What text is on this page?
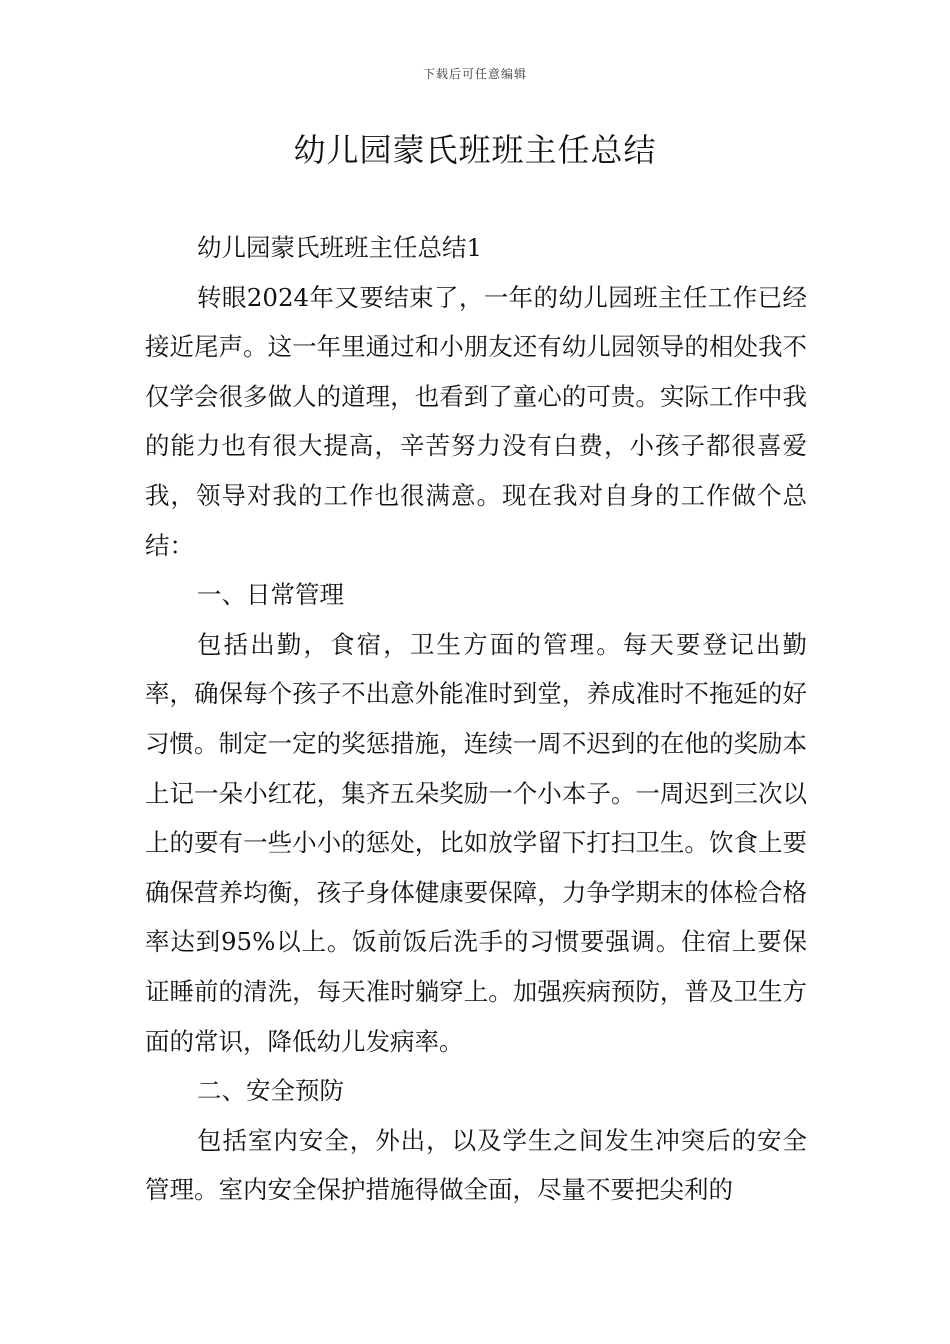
下载后可任意编辑
幼儿园蒙氏班班主任总结

幼儿园蒙氏班班主任总结1

转眼2024年又要结束了，一年的幼儿园班主任工作已经接近尾声。这一年里通过和小朋友还有幼儿园领导的相处我不仅学会很多做人的道理，也看到了童心的可贵。实际工作中我的能力也有很大提高，辛苦努力没有白费，小孩子都很喜爱我，领导对我的工作也很满意。现在我对自身的工作做个总结：

一、日常管理

包括出勤，食宿，卫生方面的管理。每天要登记出勤率，确保每个孩子不出意外能准时到堂，养成准时不拖延的好习惯。制定一定的奖惩措施，连续一周不迟到的在他的奖励本上记一朵小红花，集齐五朵奖励一个小本子。一周迟到三次以上的要有一些小小的惩处，比如放学留下打扫卫生。饮食上要确保营养均衡，孩子身体健康要保障，力争学期末的体检合格率达到95%以上。饭前饭后洗手的习惯要强调。住宿上要保证睡前的清洗，每天准时躺穿上。加强疾病预防，普及卫生方面的常识，降低幼儿发病率。

二、安全预防

包括室内安全，外出，以及学生之间发生冲突后的安全管理。室内安全保护措施得做全面，尽量不要把尖利的
